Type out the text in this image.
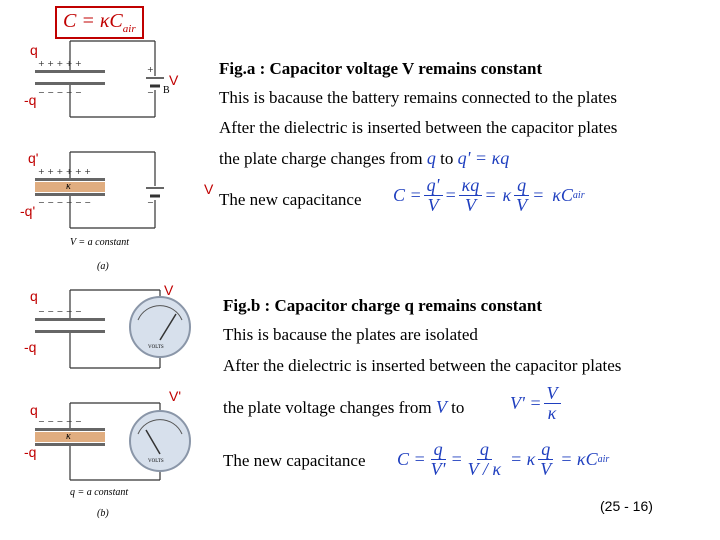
+ + + + +
− − − − −
+
−
+ + + + + +
− − − − − −	−
− − − − −
− − − − −
$C = \kappa C_{air}$
q
-q
V
B
q'
-q'
V
κ
V = a constant
(a)
q
-q
V
q
-q
V'
κ
VOLTS
VOLTS
q = a constant
(b)
Fig.a : Capacitor voltage V remains constant
This is bacause the battery remains connected to the plates
After the dielectric is inserted between the capacitor plates
the plate charge changes from q to q' = κq
The new capacitance $C = \frac{q'}{V} = \frac{\kappa q}{V} = \kappa \frac{q}{V} = \kappa C$ air
Fig.b : Capacitor charge q remains constant
This is bacause the plates are isolated
After the dielectric is inserted between the capacitor plates
the plate voltage changes from V to	$V' = \frac{V}{\kappa}$
The new capacitance $C = \frac{q}{V'} = \frac{q}{V / \kappa} = \kappa \frac{q}{V} = \kappa C$ air
(25 - 16)
